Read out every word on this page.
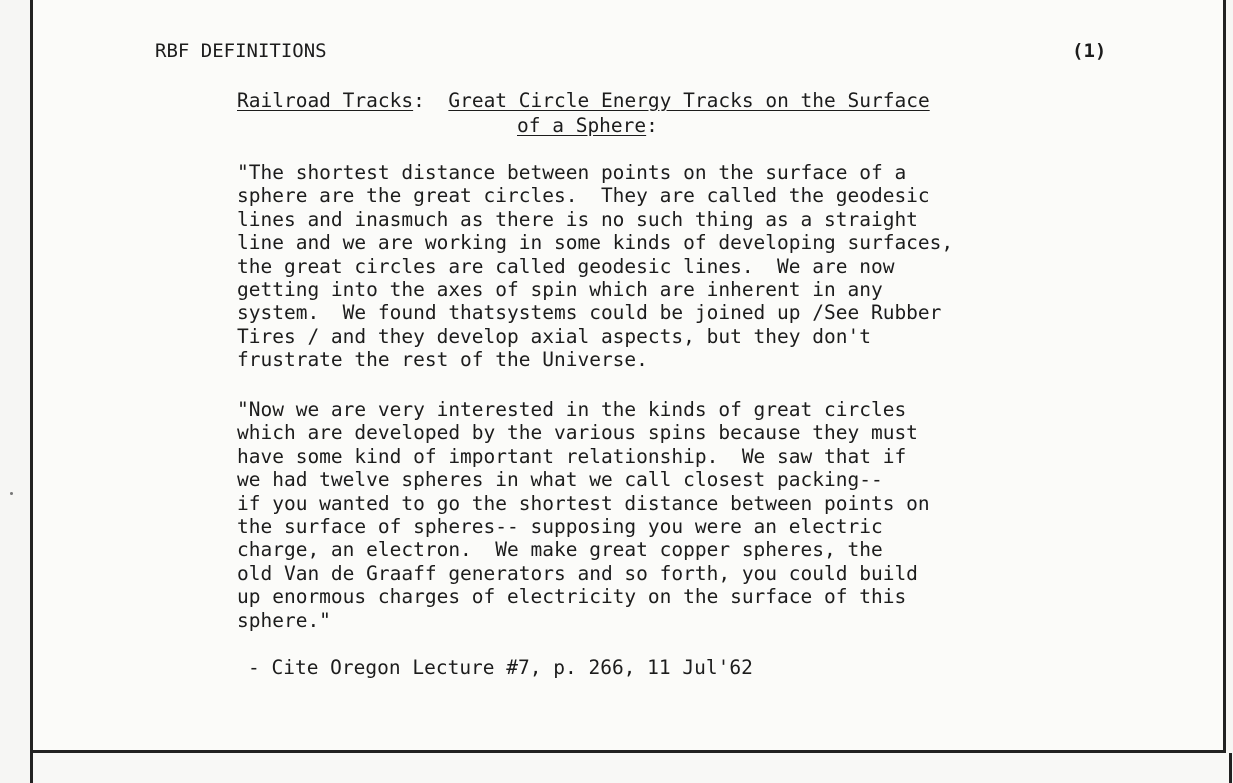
RBF DEFINITIONS	(1)
Railroad Tracks: Great Circle Energy Tracks on the Surface
of a Sphere:
"The shortest distance between points on the surface of a
sphere are the great circles.  They are called the geodesic
lines and inasmuch as there is no such thing as a straight
line and we are working in some kinds of developing surfaces,
the great circles are called geodesic lines.  We are now
getting into the axes of spin which are inherent in any
system.  We found thatsystems could be joined up /See Rubber
Tires / and they develop axial aspects, but they don't
frustrate the rest of the Universe.
"Now we are very interested in the kinds of great circles
which are developed by the various spins because they must
have some kind of important relationship.  We saw that if
we had twelve spheres in what we call closest packing--
if you wanted to go the shortest distance between points on
the surface of spheres-- supposing you were an electric
charge, an electron.  We make great copper spheres, the
old Van de Graaff generators and so forth, you could build
up enormous charges of electricity on the surface of this
sphere."
- Cite Oregon Lecture #7, p. 266, 11 Jul'62
